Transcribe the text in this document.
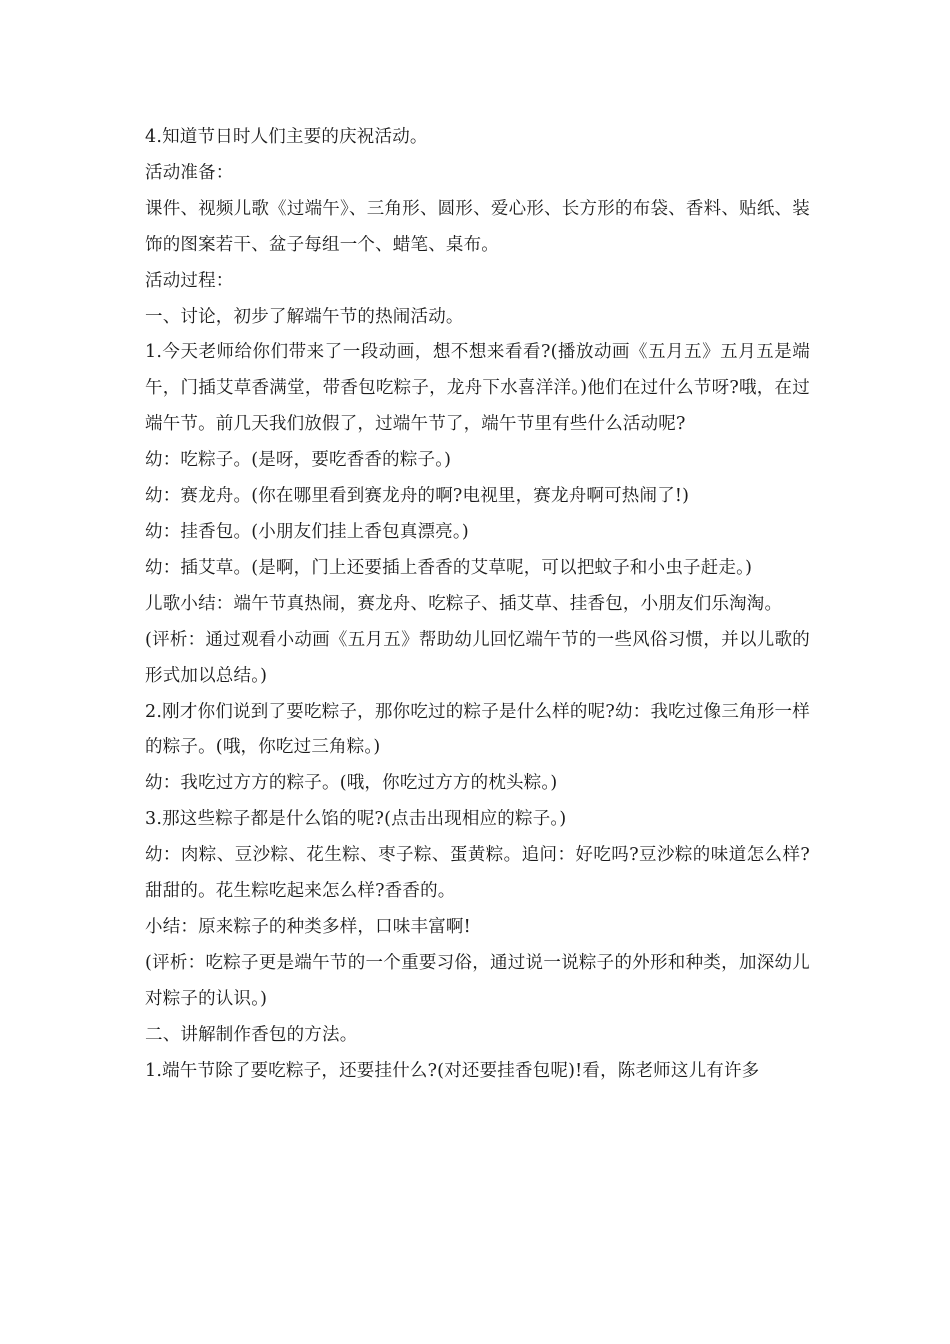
4.知道节日时人们主要的庆祝活动。

活动准备：

课件、视频儿歌《过端午》、三角形、圆形、爱心形、长方形的布袋、香料、贴纸、装饰的图案若干、盆子每组一个、蜡笔、桌布。

活动过程：

一、讨论，初步了解端午节的热闹活动。

1.今天老师给你们带来了一段动画，想不想来看看?(播放动画《五月五》五月五是端午，门插艾草香满堂，带香包吃粽子，龙舟下水喜洋洋。)他们在过什么节呀?哦，在过端午节。前几天我们放假了，过端午节了，端午节里有些什么活动呢?

幼：吃粽子。(是呀，要吃香香的粽子。)

幼：赛龙舟。(你在哪里看到赛龙舟的啊?电视里，赛龙舟啊可热闹了!)

幼：挂香包。(小朋友们挂上香包真漂亮。)

幼：插艾草。(是啊，门上还要插上香香的艾草呢，可以把蚊子和小虫子赶走。)

儿歌小结：端午节真热闹，赛龙舟、吃粽子、插艾草、挂香包，小朋友们乐淘淘。

(评析：通过观看小动画《五月五》帮助幼儿回忆端午节的一些风俗习惯，并以儿歌的形式加以总结。)

2.刚才你们说到了要吃粽子，那你吃过的粽子是什么样的呢?幼：我吃过像三角形一样的粽子。(哦，你吃过三角粽。)

幼：我吃过方方的粽子。(哦，你吃过方方的枕头粽。)

3.那这些粽子都是什么馅的呢?(点击出现相应的粽子。)

幼：肉粽、豆沙粽、花生粽、枣子粽、蛋黄粽。追问：好吃吗?豆沙粽的味道怎么样?甜甜的。花生粽吃起来怎么样?香香的。

小结：原来粽子的种类多样，口味丰富啊!

(评析：吃粽子更是端午节的一个重要习俗，通过说一说粽子的外形和种类，加深幼儿对粽子的认识。)

二、讲解制作香包的方法。

1.端午节除了要吃粽子，还要挂什么?(对还要挂香包呢)!看，陈老师这儿有许多
